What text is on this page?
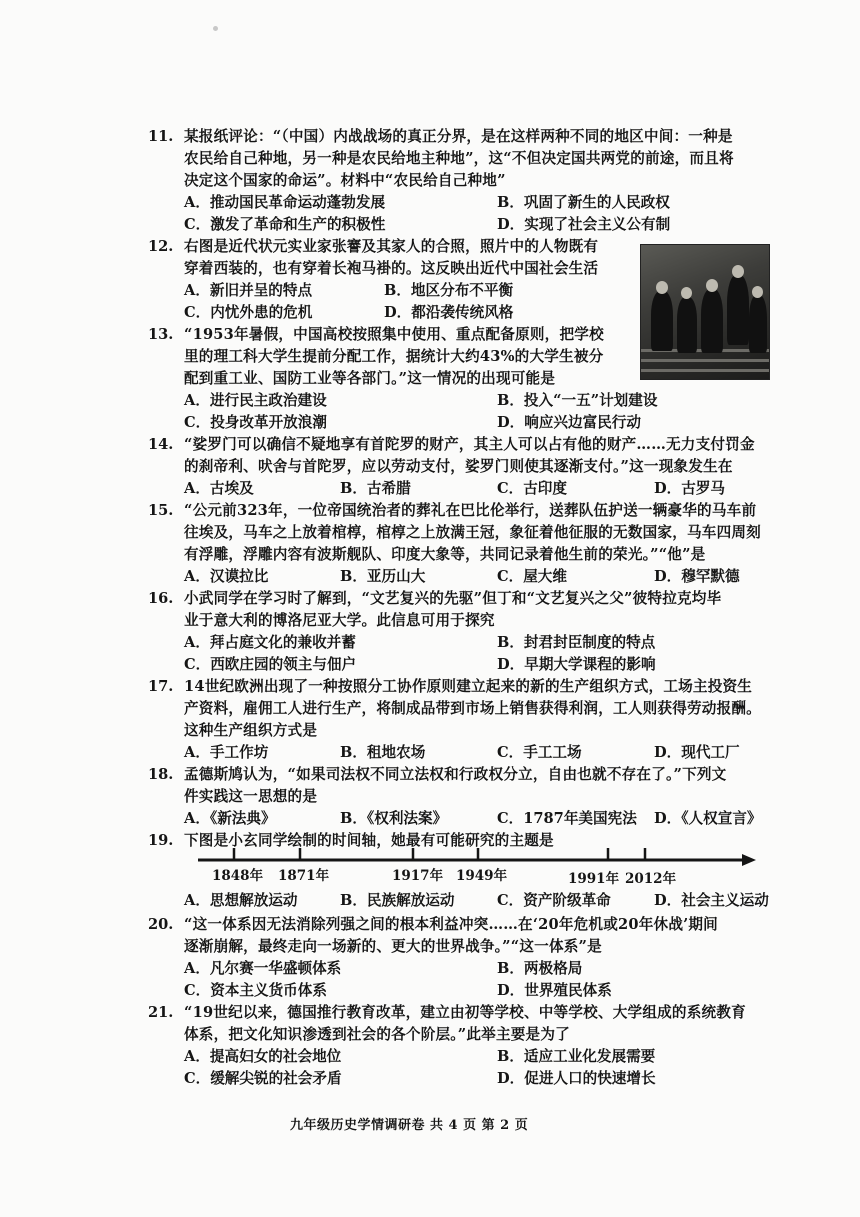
11. 某报纸评论：“（中国）内战战场的真正分界，是在这样两种不同的地区中间：一种是
农民给自己种地，另一种是农民给地主种地”，这“不但决定国共两党的前途，而且将
决定这个国家的命运”。材料中“农民给自己种地”
A．推动国民革命运动蓬勃发展	B．巩固了新生的人民政权
C．激发了革命和生产的积极性	D．实现了社会主义公有制
12. 右图是近代状元实业家张謇及其家人的合照，照片中的人物既有
穿着西装的，也有穿着长袍马褂的。这反映出近代中国社会生活
A．新旧并呈的特点	B．地区分布不平衡
C．内忧外患的危机	D．都沿袭传统风格
13. “1953年暑假，中国高校按照集中使用、重点配备原则，把学校
里的理工科大学生提前分配工作，据统计大约43%的大学生被分
配到重工业、国防工业等各部门。”这一情况的出现可能是
A．进行民主政治建设	B．投入“一五”计划建设
C．投身改革开放浪潮	D．响应兴边富民行动
14. “娑罗门可以确信不疑地享有首陀罗的财产，其主人可以占有他的财产……无力支付罚金
的刹帝利、吠舍与首陀罗，应以劳动支付，娑罗门则使其逐渐支付。”这一现象发生在
A．古埃及	B．古希腊	C．古印度	D．古罗马
15. “公元前323年，一位帝国统治者的葬礼在巴比伦举行，送葬队伍护送一辆豪华的马车前
往埃及，马车之上放着棺椁，棺椁之上放满王冠，象征着他征服的无数国家，马车四周刻
有浮雕，浮雕内容有波斯舰队、印度大象等，共同记录着他生前的荣光。”“他”是
A．汉谟拉比	B．亚历山大	C．屋大维	D．穆罕默德
16. 小武同学在学习时了解到，“文艺复兴的先驱”但丁和“文艺复兴之父”彼特拉克均毕
业于意大利的博洛尼亚大学。此信息可用于探究
A．拜占庭文化的兼收并蓄	B．封君封臣制度的特点
C．西欧庄园的领主与佃户	D．早期大学课程的影响
17. 14世纪欧洲出现了一种按照分工协作原则建立起来的新的生产组织方式，工场主投资生
产资料，雇佣工人进行生产，将制成品带到市场上销售获得利润，工人则获得劳动报酬。
这种生产组织方式是
A．手工作坊	B．租地农场	C．手工工场	D．现代工厂
18. 孟德斯鸠认为，“如果司法权不同立法权和行政权分立，自由也就不存在了。”下列文
件实践这一思想的是
A．《新法典》	B．《权利法案》	C．1787年美国宪法 D．《人权宣言》
19. 下图是小玄同学绘制的时间轴，她最有可能研究的主题是
1848年 1871年	1917年 1949年	1991年 2012年
A．思想解放运动	B．民族解放运动	C．资产阶级革命	D．社会主义运动
20. “这一体系因无法消除列强之间的根本利益冲突……在‘20年危机或20年休战’期间
逐渐崩解，最终走向一场新的、更大的世界战争。”“这一体系”是
A．凡尔赛一华盛顿体系	B．两极格局
C．资本主义货币体系	D．世界殖民体系
21. “19世纪以来，德国推行教育改革，建立由初等学校、中等学校、大学组成的系统教育
体系，把文化知识渗透到社会的各个阶层。”此举主要是为了
A．提高妇女的社会地位	B．适应工业化发展需要
C．缓解尖锐的社会矛盾	D．促进人口的快速增长
九年级历史学情调研卷 共 4 页 第 2 页
